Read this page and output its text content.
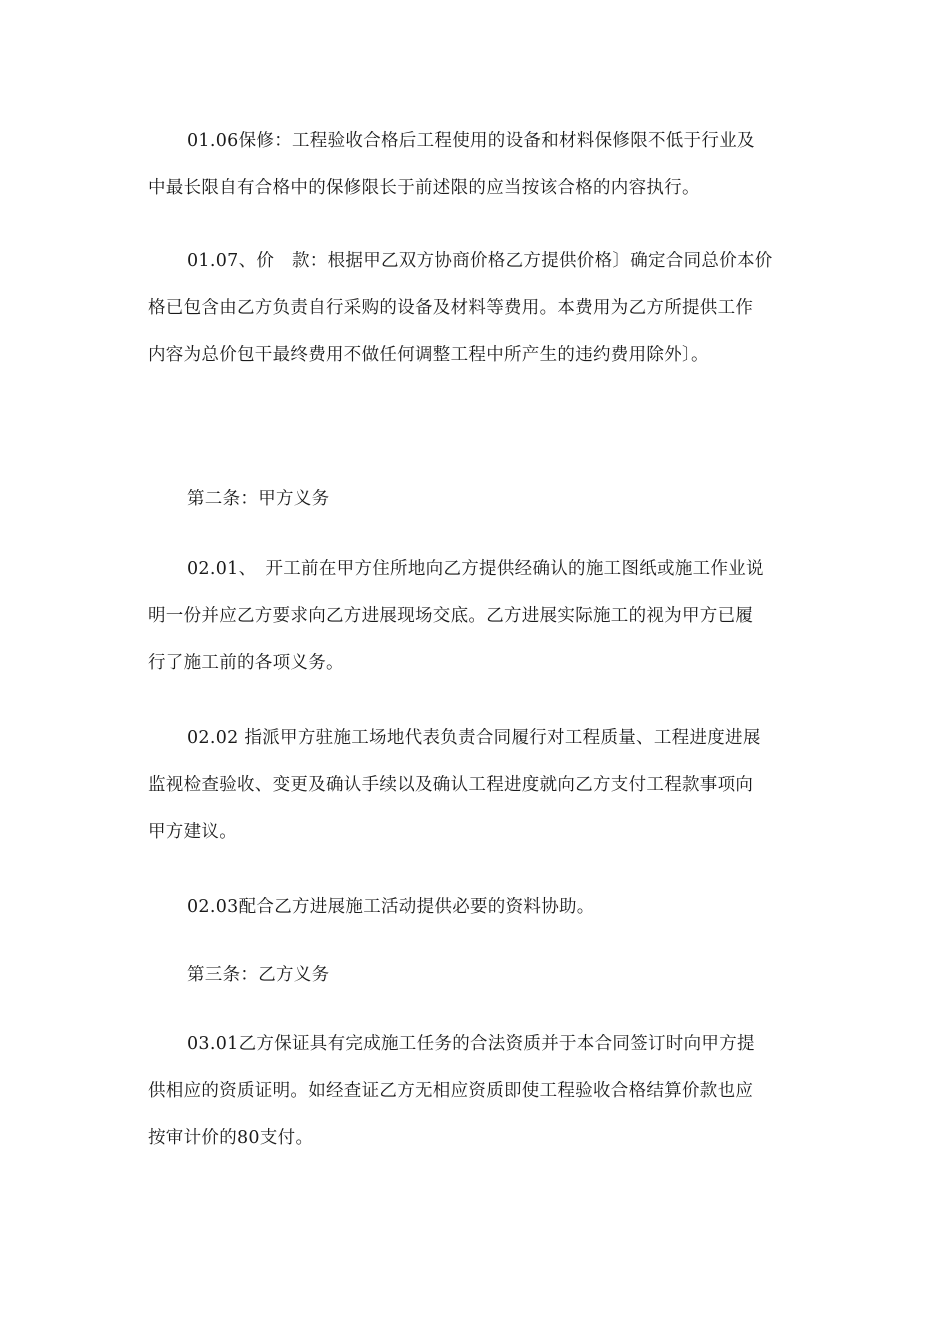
01.06保修：工程验收合格后工程使用的设备和材料保修限不低于行业及
中最长限自有合格中的保修限长于前述限的应当按该合格的内容执行。
01.07、价　款：根据甲乙双方协商价格乙方提供价格〕确定合同总价本价
格已包含由乙方负责自行采购的设备及材料等费用。本费用为乙方所提供工作
内容为总价包干最终费用不做任何调整工程中所产生的违约费用除外〕。
第二条：甲方义务
02.01、　开工前在甲方住所地向乙方提供经确认的施工图纸或施工作业说
明一份并应乙方要求向乙方进展现场交底。乙方进展实际施工的视为甲方已履
行了施工前的各项义务。
02.02 指派甲方驻施工场地代表负责合同履行对工程质量、工程进度进展
监视检查验收、变更及确认手续以及确认工程进度就向乙方支付工程款事项向
甲方建议。
02.03配合乙方进展施工活动提供必要的资料协助。
第三条：乙方义务
03.01乙方保证具有完成施工任务的合法资质并于本合同签订时向甲方提
供相应的资质证明。如经查证乙方无相应资质即使工程验收合格结算价款也应
按审计价的80支付。
